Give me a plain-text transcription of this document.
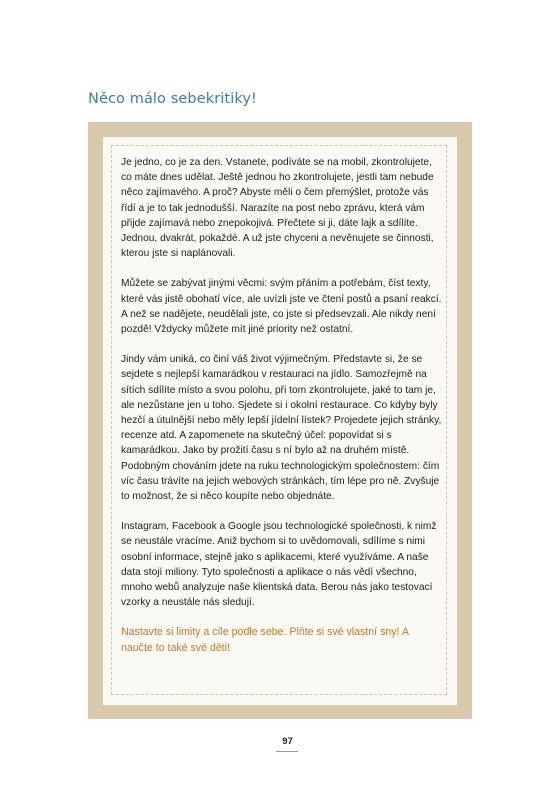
Něco málo sebekritiky!

Je jedno, co je za den. Vstanete, podíváte se na mobil, zkontrolujete, co máte dnes udělat. Ještě jednou ho zkontrolujete, jestli tam nebude něco zajímavého. A proč? Abyste měli o čem přemýšlet, protože vás řídí a je to tak jednodušší. Narazíte na post nebo zprávu, která vám přijde zajímavá nebo znepokojivá. Přečtete si ji, dáte lajk a sdílíte. Jednou, dvakrát, pokaždé. A už jste chyceni a nevěnujete se činnosti, kterou jste si naplánovali.

Můžete se zabývat jinými věcmi: svým přáním a potřebám, číst texty, které vás jistě obohatí více, ale uvízli jste ve čtení postů a psaní reakcí. A než se nadějete, neudělali jste, co jste si předsevzali. Ale nikdy není pozdě! Vždycky můžete mít jiné priority než ostatní.

Jindy vám uniká, co činí váš život výjimečným. Představte si, že se sejdete s nejlepší kamarádkou v restauraci na jídlo. Samozřejmě na sítích sdílíte místo a svou polohu, při tom zkontrolujete, jaké to tam je, ale nezůstane jen u toho. Sjedete si i okolní restaurace. Co kdyby byly hezčí a útulnější nebo měly lepší jídelní lístek? Projedete jejich stránky, recenze atd. A zapomenete na skutečný účel: popovídat si s kamarádkou. Jako by prožití času s ní bylo až na druhém místě. Podobným chováním jdete na ruku technologickým společnostem: čím víc času trávíte na jejich webových stránkách, tím lépe pro ně. Zvyšuje to možnost, že si něco koupíte nebo objednáte.

Instagram, Facebook a Google jsou technologické společnosti, k nimž se neustále vracíme. Aniž bychom si to uvědomovali, sdílíme s nimi osobní informace, stejně jako s aplikacemi, které využíváme. A naše data stojí miliony. Tyto společnosti a aplikace o nás vědí všechno, mnoho webů analyzuje naše klientská data. Berou nás jako testovací vzorky a neustále nás sledují.

Nastavte si limity a cíle podle sebe. Plňte si své vlastní sny! A naučte to také své děti!

97
